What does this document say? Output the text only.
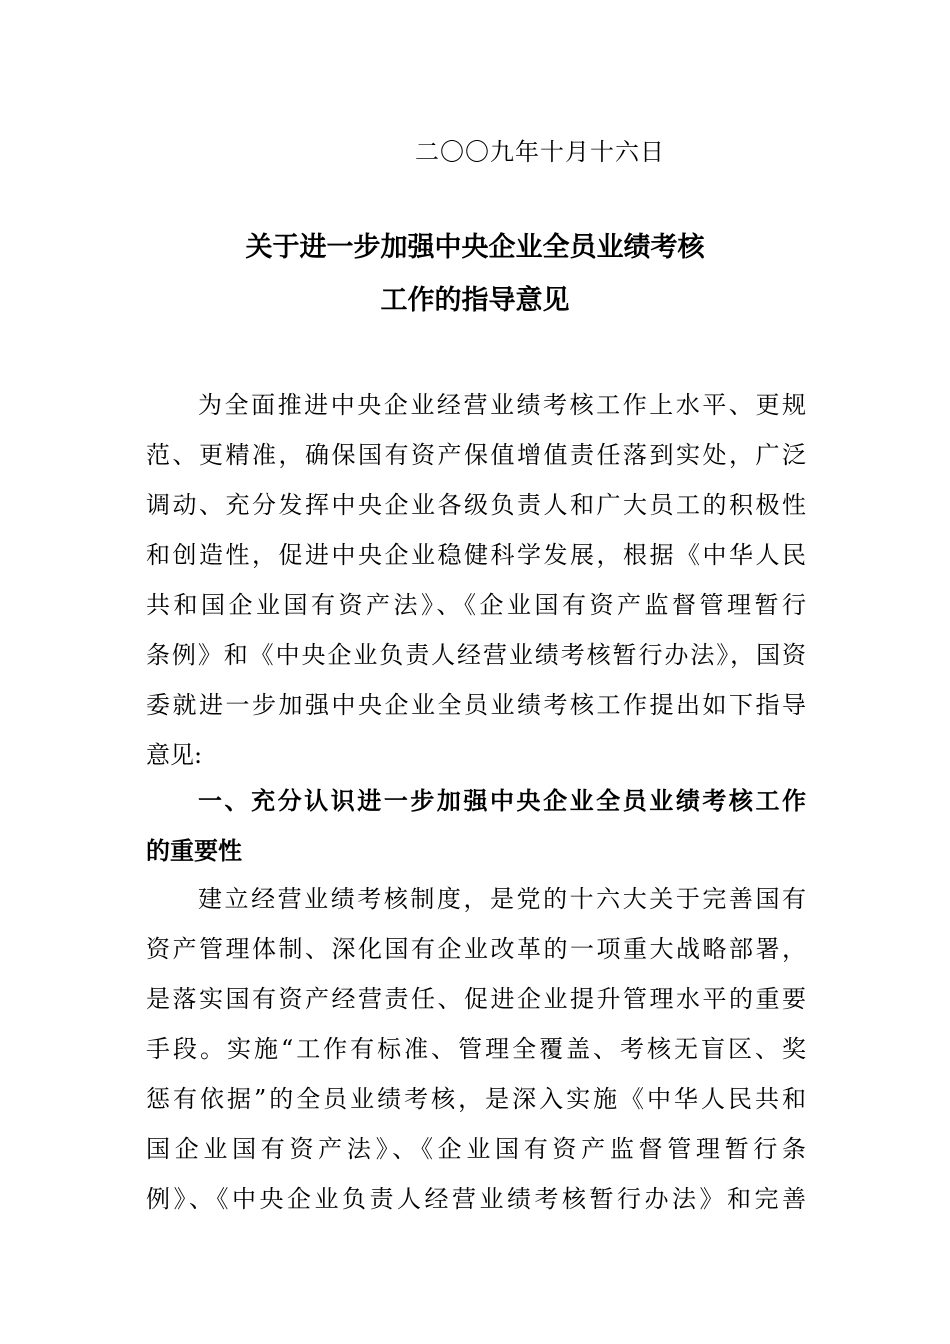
二〇〇九年十月十六日
关于进一步加强中央企业全员业绩考核
工作的指导意见
为全面推进中央企业经营业绩考核工作上水平、更规
范、更精准，确保国有资产保值增值责任落到实处，广泛
调动、充分发挥中央企业各级负责人和广大员工的积极性
和创造性，促进中央企业稳健科学发展，根据《中华人民
共和国企业国有资产法》、《企业国有资产监督管理暂行
条例》和《中央企业负责人经营业绩考核暂行办法》，国资
委就进一步加强中央企业全员业绩考核工作提出如下指导
意见:
一、充分认识进一步加强中央企业全员业绩考核工作
的重要性
建立经营业绩考核制度，是党的十六大关于完善国有
资产管理体制、深化国有企业改革的一项重大战略部署，
是落实国有资产经营责任、促进企业提升管理水平的重要
手段。实施“工作有标准、管理全覆盖、考核无盲区、奖
惩有依据”的全员业绩考核，是深入实施《中华人民共和
国企业国有资产法》、《企业国有资产监督管理暂行条
例》、《中央企业负责人经营业绩考核暂行办法》和完善
